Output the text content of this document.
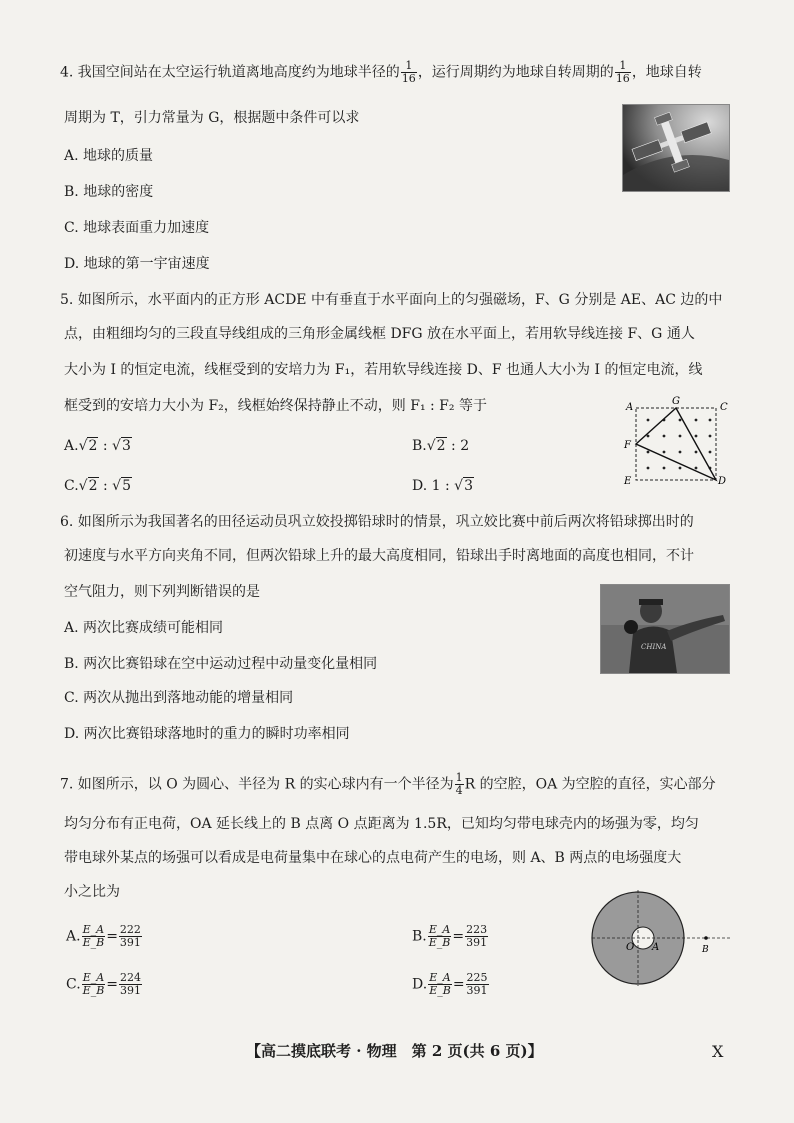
4. 我国空间站在太空运行轨道离地高度约为地球半径的 $\frac{1}{16}$ ，运行周期约为地球自转周期的 $\frac{1}{16}$ ，地球自转
周期为 T，引力常量为 G，根据题中条件可以求
A. 地球的质量
B. 地球的密度
C. 地球表面重力加速度
D. 地球的第一宇宙速度
5. 如图所示，水平面内的正方形 ACDE 中有垂直于水平面向上的匀强磁场，F、G 分别是 AE、AC 边的中
点，由粗细均匀的三段直导线组成的三角形金属线框 DFG 放在水平面上，若用软导线连接 F、G 通人
大小为 I 的恒定电流，线框受到的安培力为 F₁，若用软导线连接 D、F 也通人大小为 I 的恒定电流，线
框受到的安培力大小为 F₂，线框始终保持静止不动，则 F₁ : F₂ 等于
A.√2 : √3	B.√2 : 2
C.√2 : √5	D. 1 : √3
A
G
C
F
E	D
6. 如图所示为我国著名的田径运动员巩立姣投掷铅球时的情景，巩立姣比赛中前后两次将铅球掷出时的
初速度与水平方向夹角不同，但两次铅球上升的最大高度相同，铅球出手时离地面的高度也相同，不计
空气阻力，则下列判断错误的是
A. 两次比赛成绩可能相同
B. 两次比赛铅球在空中运动过程中动量变化量相同
C. 两次从抛出到落地动能的增量相同
D. 两次比赛铅球落地时的重力的瞬时功率相同
CHINA
7. 如图所示，以 O 为圆心、半径为 R 的实心球内有一个半径为 $\frac{1}{4}$ R 的空腔，OA 为空腔的直径，实心部分
均匀分布有正电荷，OA 延长线上的 B 点离 O 点距离为 1.5R，已知均匀带电球壳内的场强为零，均匀
带电球外某点的场强可以看成是电荷量集中在球心的点电荷产生的电场，则 A、B 两点的电场强度大
小之比为
A. $\frac{E\_A}{E\_B} = \frac{222}{391}$	B. $\frac{E\_A}{E\_B} = \frac{223}{391}$
C. $\frac{E\_A}{E\_B} = \frac{224}{391}$	D. $\frac{E\_A}{E\_B} = \frac{225}{391}$
O A	B
【高二摸底联考 · 物理　第 2 页(共 6 页)】	X
